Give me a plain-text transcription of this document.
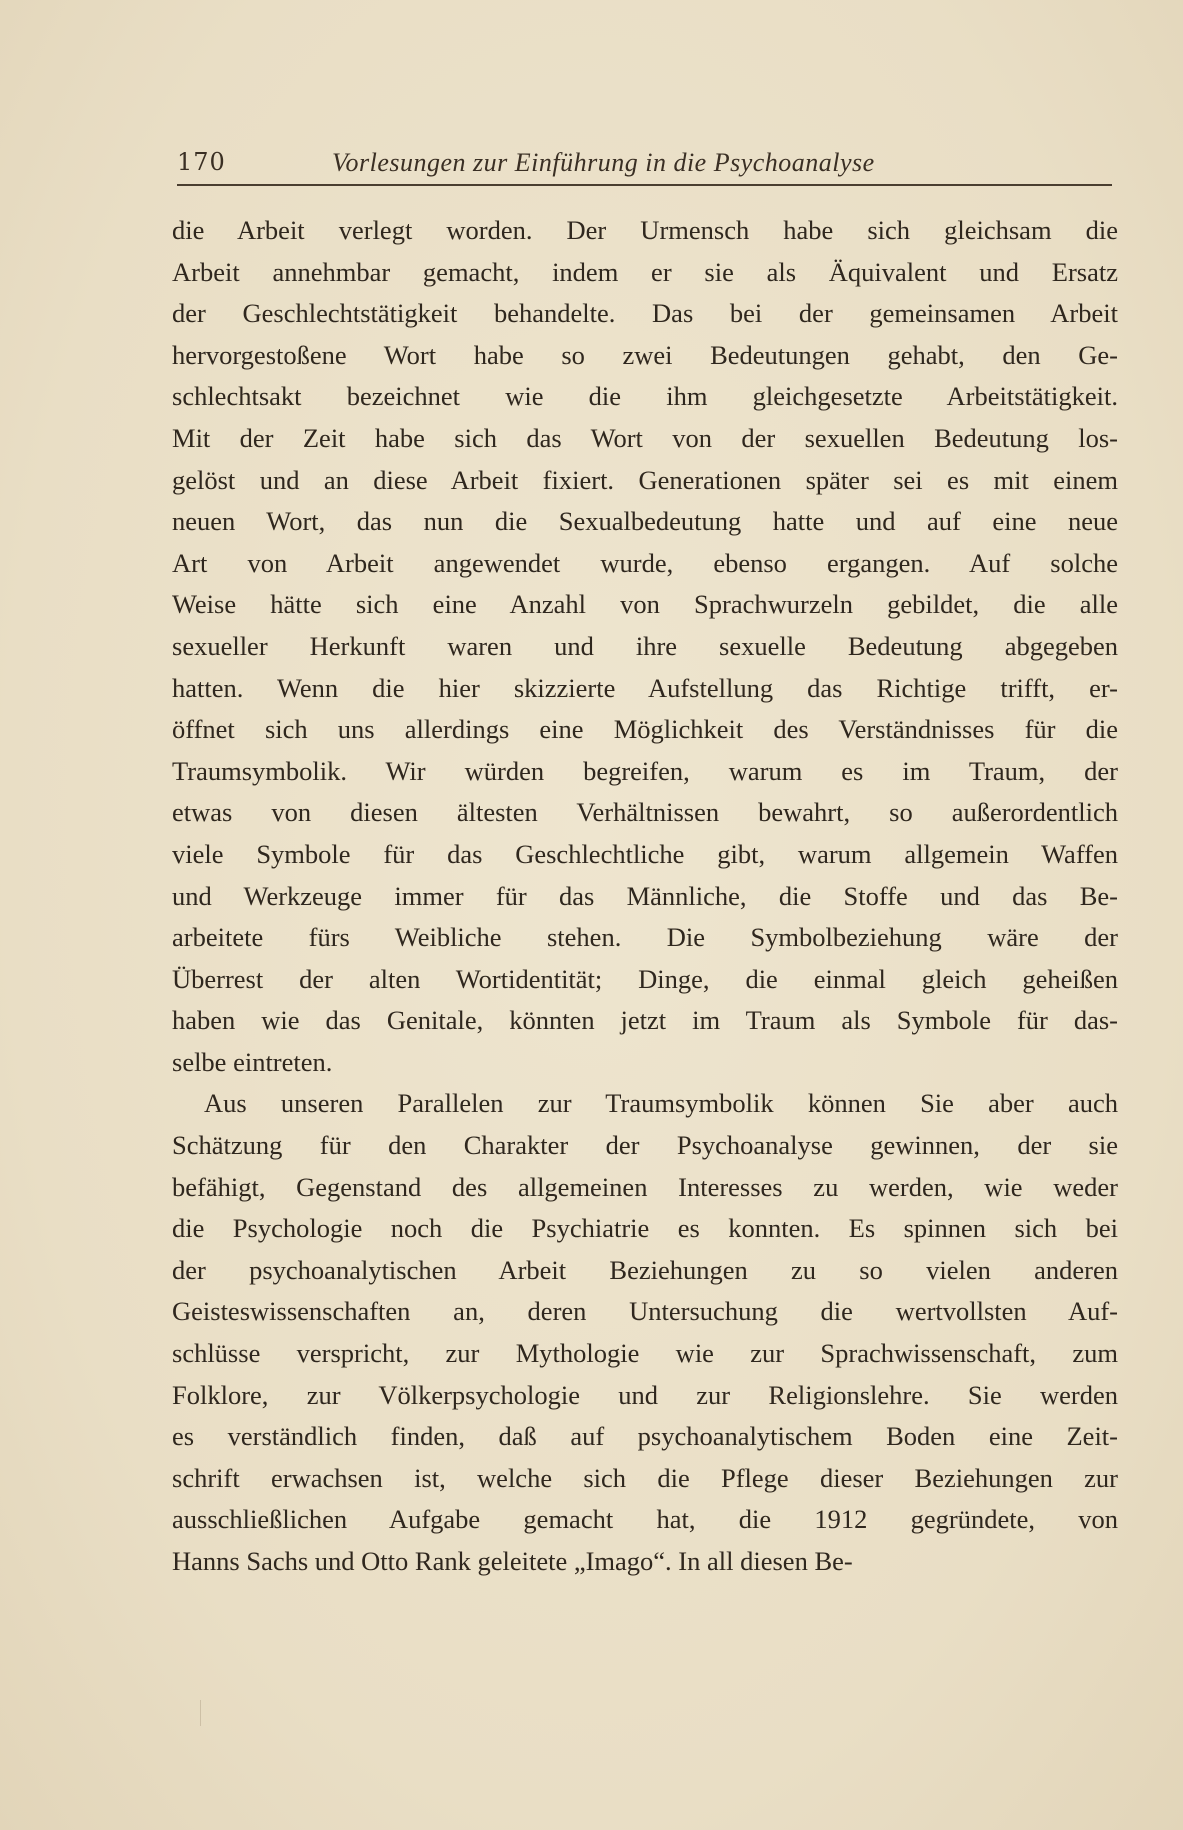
170	Vorlesungen zur Einführung in die Psychoanalyse
die Arbeit verlegt worden. Der Urmensch habe sich gleichsam die
Arbeit annehmbar gemacht, indem er sie als Äquivalent und Ersatz
der Geschlechtstätigkeit behandelte. Das bei der gemeinsamen Arbeit
hervorgestoßene Wort habe so zwei Bedeutungen gehabt, den Ge-
schlechtsakt bezeichnet wie die ihm gleichgesetzte Arbeitstätigkeit.
Mit der Zeit habe sich das Wort von der sexuellen Bedeutung los-
gelöst und an diese Arbeit fixiert. Generationen später sei es mit einem
neuen Wort, das nun die Sexualbedeutung hatte und auf eine neue
Art von Arbeit angewendet wurde, ebenso ergangen. Auf solche
Weise hätte sich eine Anzahl von Sprachwurzeln gebildet, die alle
sexueller Herkunft waren und ihre sexuelle Bedeutung abgegeben
hatten. Wenn die hier skizzierte Aufstellung das Richtige trifft, er-
öffnet sich uns allerdings eine Möglichkeit des Verständnisses für die
Traumsymbolik. Wir würden begreifen, warum es im Traum, der
etwas von diesen ältesten Verhältnissen bewahrt, so außerordentlich
viele Symbole für das Geschlechtliche gibt, warum allgemein Waffen
und Werkzeuge immer für das Männliche, die Stoffe und das Be-
arbeitete fürs Weibliche stehen. Die Symbolbeziehung wäre der
Überrest der alten Wortidentität; Dinge, die einmal gleich geheißen
haben wie das Genitale, könnten jetzt im Traum als Symbole für das-
selbe eintreten.
Aus unseren Parallelen zur Traumsymbolik können Sie aber auch
Schätzung für den Charakter der Psychoanalyse gewinnen, der sie
befähigt, Gegenstand des allgemeinen Interesses zu werden, wie weder
die Psychologie noch die Psychiatrie es konnten. Es spinnen sich bei
der psychoanalytischen Arbeit Beziehungen zu so vielen anderen
Geisteswissenschaften an, deren Untersuchung die wertvollsten Auf-
schlüsse verspricht, zur Mythologie wie zur Sprachwissenschaft, zum
Folklore, zur Völkerpsychologie und zur Religionslehre. Sie werden
es verständlich finden, daß auf psychoanalytischem Boden eine Zeit-
schrift erwachsen ist, welche sich die Pflege dieser Beziehungen zur
ausschließlichen Aufgabe gemacht hat, die 1912 gegründete, von
Hanns Sachs und Otto Rank geleitete „Imago“. In all diesen Be-
